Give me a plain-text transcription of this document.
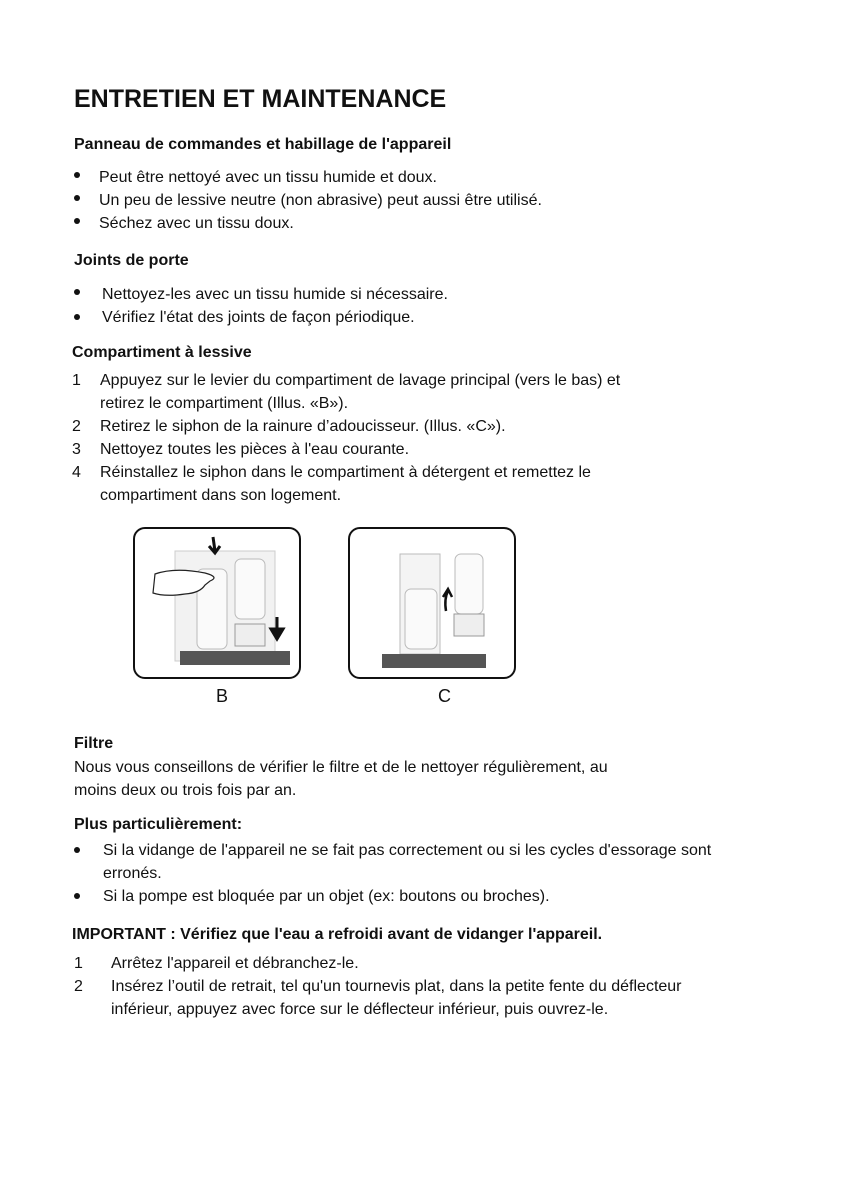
ENTRETIEN ET MAINTENANCE
Panneau de commandes et habillage de l'appareil
Peut être nettoyé avec un tissu humide et doux.
Un peu de lessive neutre (non abrasive) peut aussi être utilisé.
Séchez avec un tissu doux.
Joints de porte
Nettoyez-les avec un tissu humide si nécessaire.
Vérifiez l'état des joints de façon périodique.
Compartiment à lessive
1 Appuyez sur le levier du compartiment de lavage principal (vers le bas) et
retirez le compartiment (Illus. «B»).
2 Retirez le siphon de la rainure d’adoucisseur. (Illus. «C»).
3 Nettoyez toutes les pièces à l'eau courante.
4 Réinstallez le siphon dans le compartiment à détergent et remettez le
compartiment dans son logement.
B	C
Filtre
Nous vous conseillons de vérifier le filtre et de le nettoyer régulièrement, au
moins deux ou trois fois par an.
Plus particulièrement:
Si la vidange de l'appareil ne se fait pas correctement ou si les cycles d'essorage sont
erronés.
Si la pompe est bloquée par un objet (ex: boutons ou broches).
IMPORTANT : Vérifiez que l'eau a refroidi avant de vidanger l'appareil.
1 Arrêtez l'appareil et débranchez-le.
2 Insérez l’outil de retrait, tel qu'un tournevis plat, dans la petite fente du déflecteur
inférieur, appuyez avec force sur le déflecteur inférieur, puis ouvrez-le.
